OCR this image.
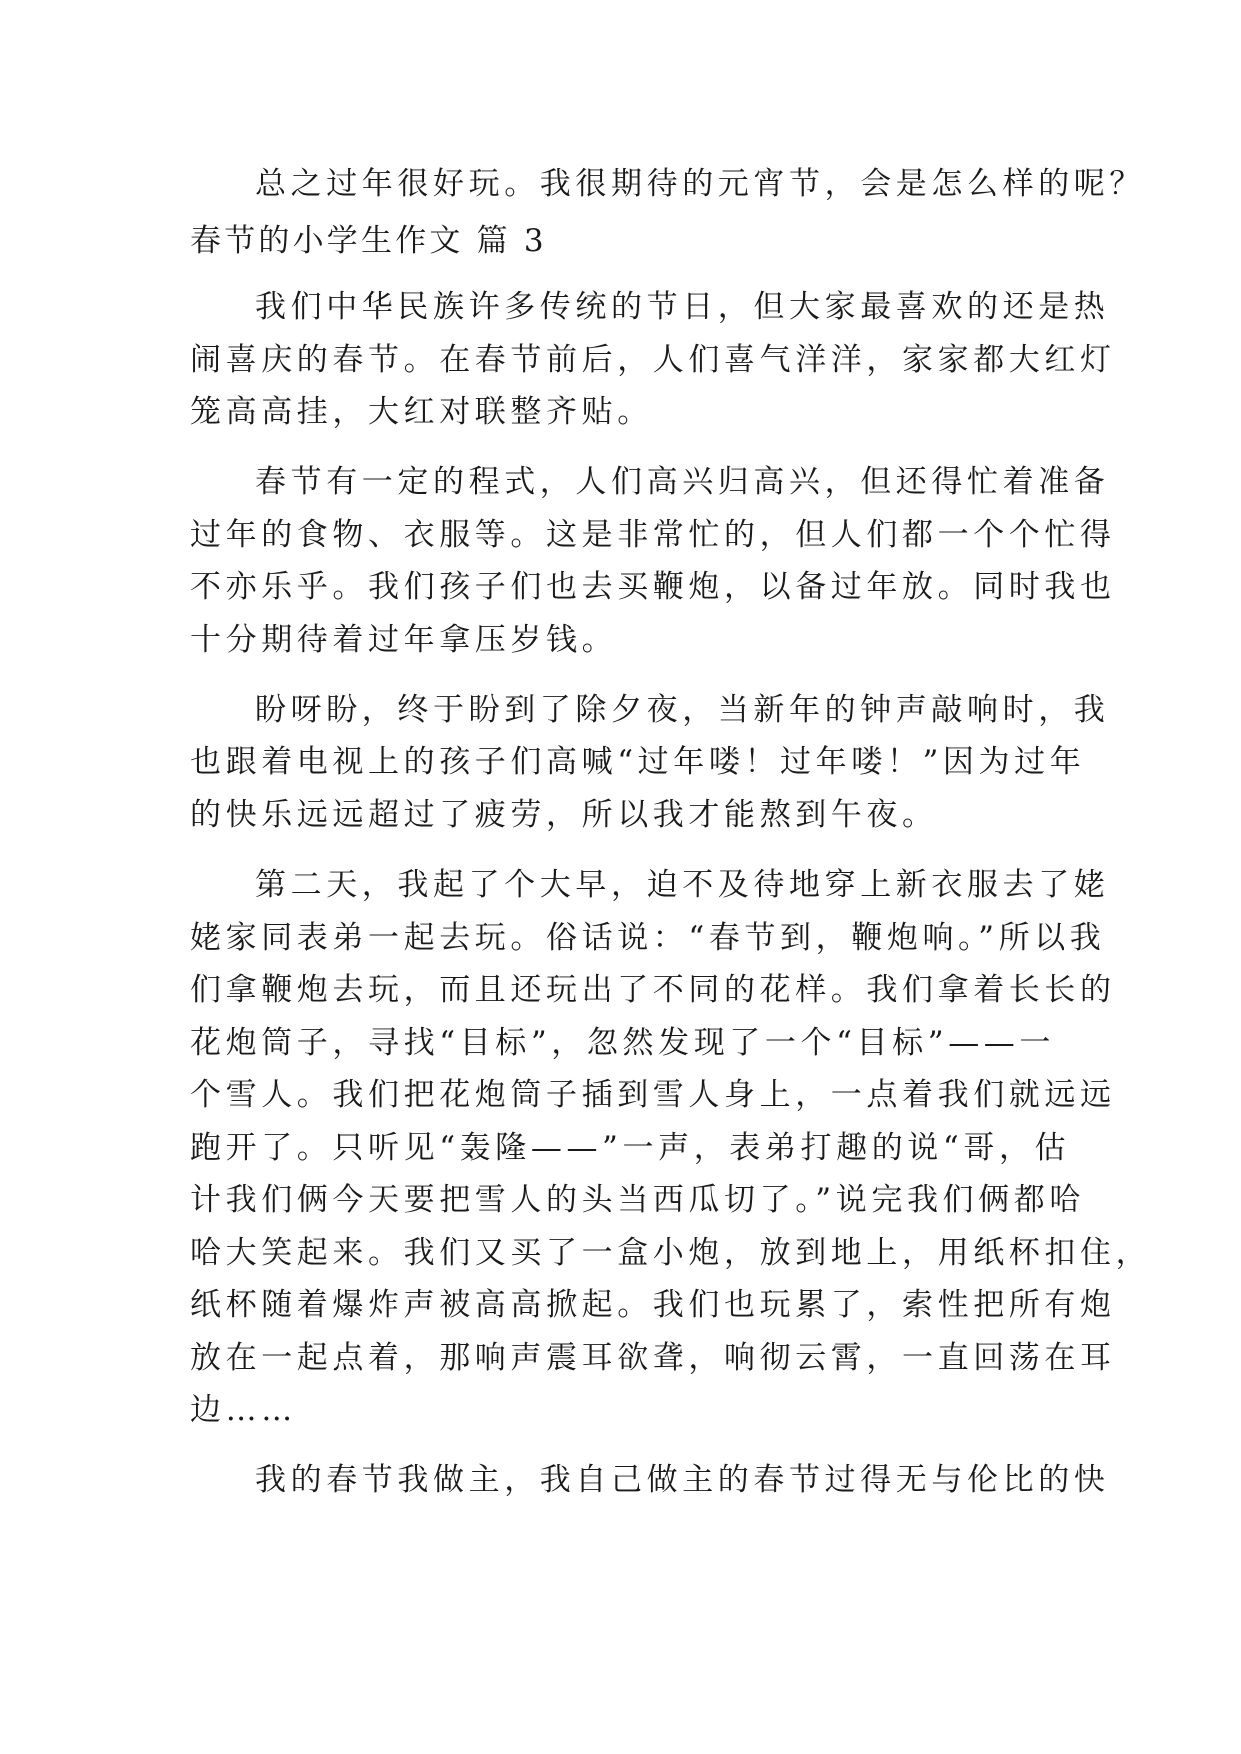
总之过年很好玩。我很期待的元宵节，会是怎么样的呢？
春节的小学生作文 篇 3
我们中华民族许多传统的节日，但大家最喜欢的还是热
闹喜庆的春节。在春节前后，人们喜气洋洋，家家都大红灯
笼高高挂，大红对联整齐贴。
春节有一定的程式，人们高兴归高兴，但还得忙着准备
过年的食物、衣服等。这是非常忙的，但人们都一个个忙得
不亦乐乎。我们孩子们也去买鞭炮，以备过年放。同时我也
十分期待着过年拿压岁钱。
盼呀盼，终于盼到了除夕夜，当新年的钟声敲响时，我
也跟着电视上的孩子们高喊“过年喽！过年喽！”因为过年
的快乐远远超过了疲劳，所以我才能熬到午夜。
第二天，我起了个大早，迫不及待地穿上新衣服去了姥
姥家同表弟一起去玩。俗话说：“春节到，鞭炮响。”所以我
们拿鞭炮去玩，而且还玩出了不同的花样。我们拿着长长的
花炮筒子，寻找“目标”，忽然发现了一个“目标”——一
个雪人。我们把花炮筒子插到雪人身上，一点着我们就远远
跑开了。只听见“轰隆——”一声，表弟打趣的说“哥，估
计我们俩今天要把雪人的头当西瓜切了。”说完我们俩都哈
哈大笑起来。我们又买了一盒小炮，放到地上，用纸杯扣住，
纸杯随着爆炸声被高高掀起。我们也玩累了，索性把所有炮
放在一起点着，那响声震耳欲聋，响彻云霄，一直回荡在耳
边……
我的春节我做主，我自己做主的春节过得无与伦比的快
